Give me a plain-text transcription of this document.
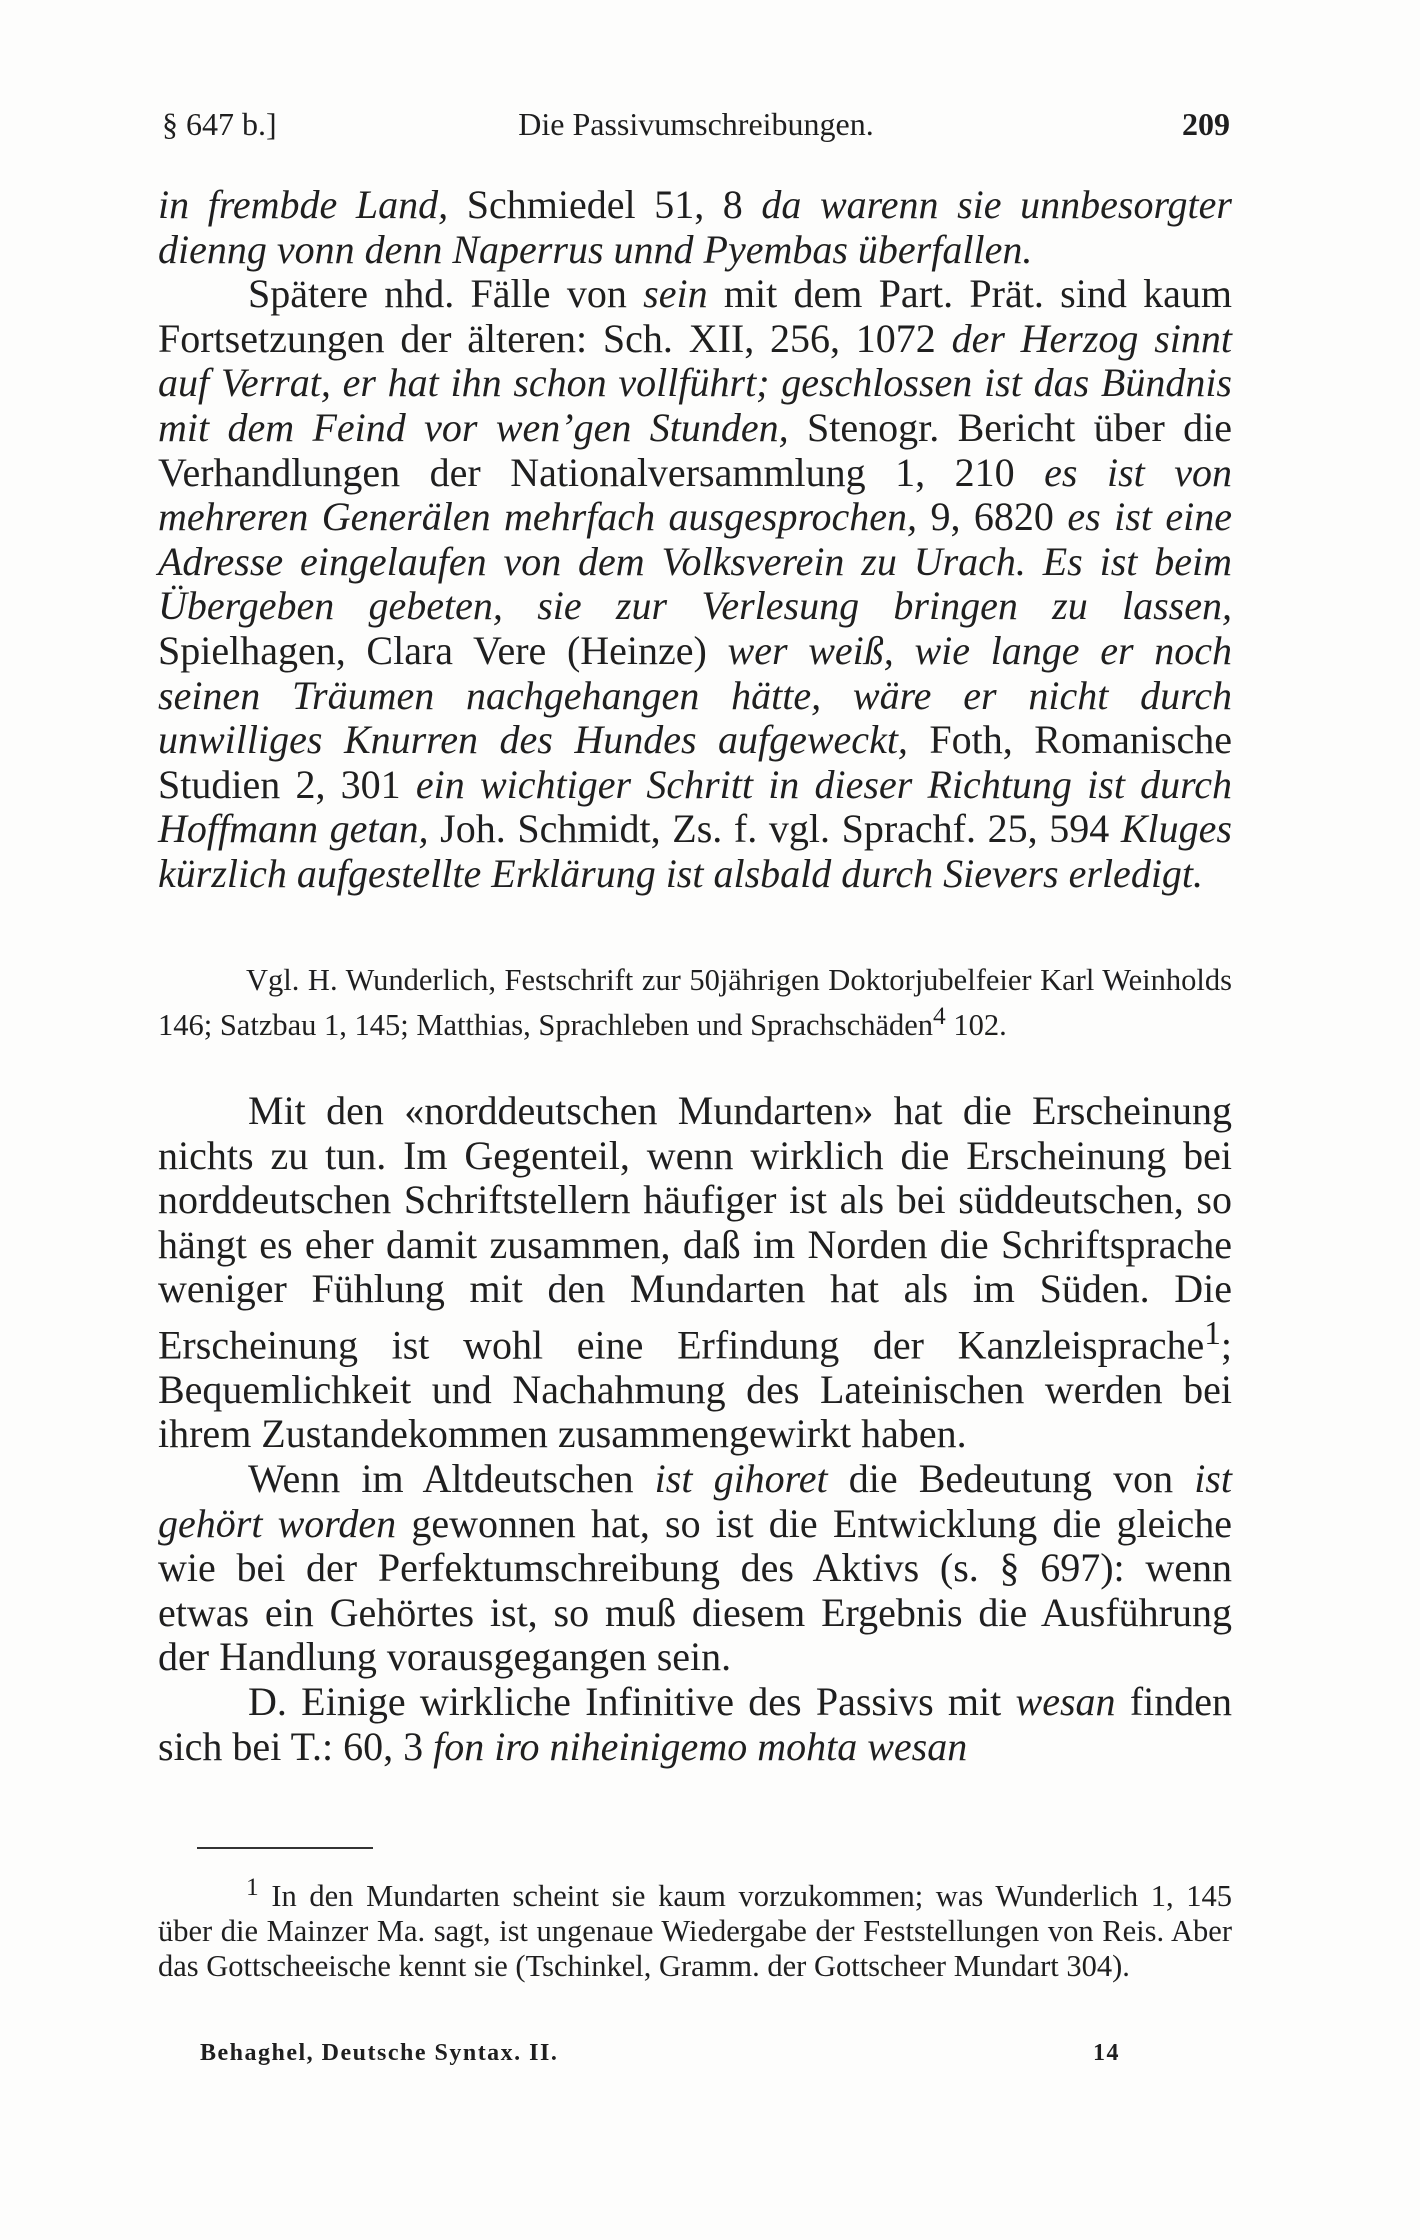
§ 647 b.]	Die Passivumschreibungen.	209

in frembde Land, Schmiedel 51, 8 da warenn sie unnbesorgter dienng vonn denn Naperrus unnd Pyembas überfallen.

Spätere nhd. Fälle von sein mit dem Part. Prät. sind kaum Fortsetzungen der älteren: Sch. XII, 256, 1072 der Herzog sinnt auf Verrat, er hat ihn schon vollführt; geschlossen ist das Bündnis mit dem Feind vor wen’gen Stunden, Stenogr. Bericht über die Verhandlungen der Nationalversammlung 1, 210 es ist von mehreren Generälen mehrfach ausgesprochen, 9, 6820 es ist eine Adresse eingelaufen von dem Volksverein zu Urach. Es ist beim Übergeben gebeten, sie zur Verlesung bringen zu lassen, Spielhagen, Clara Vere (Heinze) wer weiß, wie lange er noch seinen Träumen nachgehangen hätte, wäre er nicht durch unwilliges Knurren des Hundes aufgeweckt, Foth, Romanische Studien 2, 301 ein wichtiger Schritt in dieser Richtung ist durch Hoffmann getan, Joh. Schmidt, Zs. f. vgl. Sprachf. 25, 594 Kluges kürzlich aufgestellte Erklärung ist alsbald durch Sievers erledigt.

Vgl. H. Wunderlich, Festschrift zur 50jährigen Doktorjubelfeier Karl Weinholds 146; Satzbau 1, 145; Matthias, Sprachleben und Sprachschäden$^4$ 102.

Mit den «norddeutschen Mundarten» hat die Erscheinung nichts zu tun. Im Gegenteil, wenn wirklich die Erscheinung bei norddeutschen Schriftstellern häufiger ist als bei süddeutschen, so hängt es eher damit zusammen, daß im Norden die Schriftsprache weniger Fühlung mit den Mundarten hat als im Süden. Die Erscheinung ist wohl eine Erfindung der Kanzleisprache$^1$; Bequemlichkeit und Nachahmung des Lateinischen werden bei ihrem Zustandekommen zusammengewirkt haben.

Wenn im Altdeutschen ist gihoret die Bedeutung von ist gehört worden gewonnen hat, so ist die Entwicklung die gleiche wie bei der Perfektumschreibung des Aktivs (s. § 697): wenn etwas ein Gehörtes ist, so muß diesem Ergebnis die Ausführung der Handlung vorausgegangen sein.

D. Einige wirkliche Infinitive des Passivs mit wesan finden sich bei T.: 60, 3 fon iro niheinigemo mohta wesan

$^1$ In den Mundarten scheint sie kaum vorzukommen; was Wunderlich 1, 145 über die Mainzer Ma. sagt, ist ungenaue Wiedergabe der Feststellungen von Reis. Aber das Gottscheeische kennt sie (Tschinkel, Gramm. der Gottscheer Mundart 304).

Behaghel, Deutsche Syntax. II.	14
